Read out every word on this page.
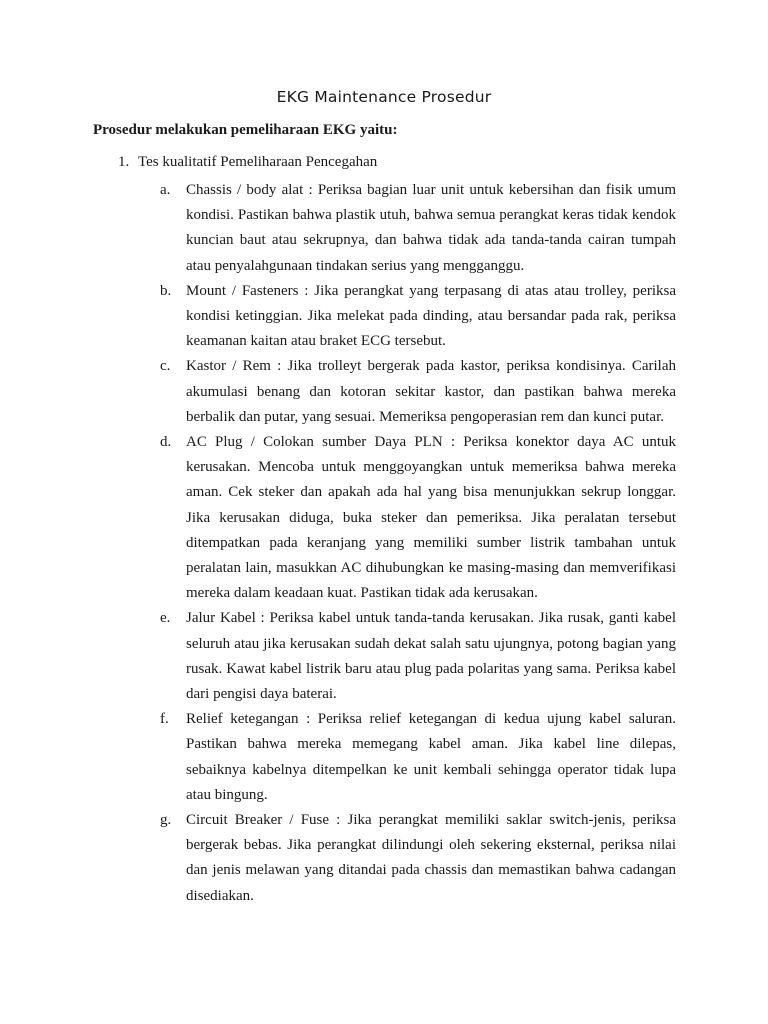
EKG Maintenance Prosedur
Prosedur melakukan pemeliharaan EKG yaitu:
1. Tes kualitatif Pemeliharaan Pencegahan
a. Chassis / body alat : Periksa bagian luar unit untuk kebersihan dan fisik umum kondisi. Pastikan bahwa plastik utuh, bahwa semua perangkat keras tidak kendok kuncian baut atau sekrupnya, dan bahwa tidak ada tanda-tanda cairan tumpah atau penyalahgunaan tindakan serius yang mengganggu.
b. Mount / Fasteners : Jika perangkat yang terpasang di atas atau trolley, periksa kondisi ketinggian. Jika melekat pada dinding, atau bersandar pada rak, periksa keamanan kaitan atau braket ECG tersebut.
c. Kastor / Rem : Jika trolleyt bergerak pada kastor, periksa kondisinya. Carilah akumulasi benang dan kotoran sekitar kastor, dan pastikan bahwa mereka berbalik dan putar, yang sesuai. Memeriksa pengoperasian rem dan kunci putar.
d. AC Plug / Colokan sumber Daya PLN : Periksa konektor daya AC untuk kerusakan. Mencoba untuk menggoyangkan untuk memeriksa bahwa mereka aman. Cek steker dan apakah ada hal yang bisa menunjukkan sekrup longgar. Jika kerusakan diduga, buka steker dan pemeriksa. Jika peralatan tersebut ditempatkan pada keranjang yang memiliki sumber listrik tambahan untuk peralatan lain, masukkan AC dihubungkan ke masing-masing dan memverifikasi mereka dalam keadaan kuat. Pastikan tidak ada kerusakan.
e. Jalur Kabel : Periksa kabel untuk tanda-tanda kerusakan. Jika rusak, ganti kabel seluruh atau jika kerusakan sudah dekat salah satu ujungnya, potong bagian yang rusak. Kawat kabel listrik baru atau plug pada polaritas yang sama. Periksa kabel dari pengisi daya baterai.
f. Relief ketegangan : Periksa relief ketegangan di kedua ujung kabel saluran. Pastikan bahwa mereka memegang kabel aman. Jika kabel line dilepas, sebaiknya kabelnya ditempelkan ke unit kembali sehingga operator tidak lupa atau bingung.
g. Circuit Breaker / Fuse : Jika perangkat memiliki saklar switch-jenis, periksa bergerak bebas. Jika perangkat dilindungi oleh sekering eksternal, periksa nilai dan jenis melawan yang ditandai pada chassis dan memastikan bahwa cadangan disediakan.
